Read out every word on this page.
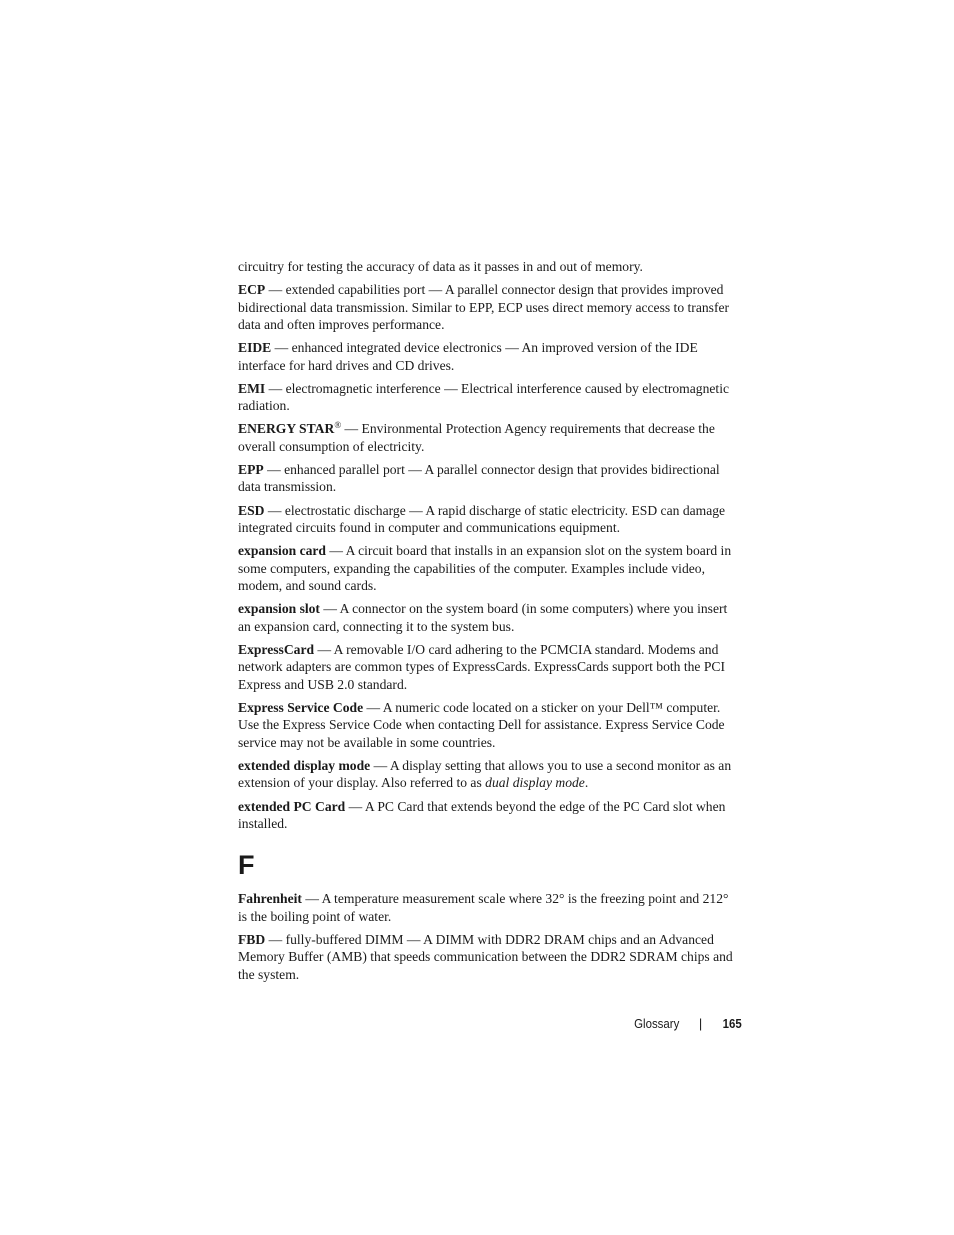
circuitry for testing the accuracy of data as it passes in and out of memory.

ECP — extended capabilities port — A parallel connector design that provides improved bidirectional data transmission. Similar to EPP, ECP uses direct memory access to transfer data and often improves performance.

EIDE — enhanced integrated device electronics — An improved version of the IDE interface for hard drives and CD drives.

EMI — electromagnetic interference — Electrical interference caused by electromagnetic radiation.

ENERGY STAR® — Environmental Protection Agency requirements that decrease the overall consumption of electricity.

EPP — enhanced parallel port — A parallel connector design that provides bidirectional data transmission.

ESD — electrostatic discharge — A rapid discharge of static electricity. ESD can damage integrated circuits found in computer and communications equipment.

expansion card — A circuit board that installs in an expansion slot on the system board in some computers, expanding the capabilities of the computer. Examples include video, modem, and sound cards.

expansion slot — A connector on the system board (in some computers) where you insert an expansion card, connecting it to the system bus.

ExpressCard — A removable I/O card adhering to the PCMCIA standard. Modems and network adapters are common types of ExpressCards. ExpressCards support both the PCI Express and USB 2.0 standard.

Express Service Code — A numeric code located on a sticker on your Dell™ computer. Use the Express Service Code when contacting Dell for assistance. Express Service Code service may not be available in some countries.

extended display mode — A display setting that allows you to use a second monitor as an extension of your display. Also referred to as dual display mode.

extended PC Card — A PC Card that extends beyond the edge of the PC Card slot when installed.

F

Fahrenheit — A temperature measurement scale where 32° is the freezing point and 212° is the boiling point of water.

FBD — fully-buffered DIMM — A DIMM with DDR2 DRAM chips and an Advanced Memory Buffer (AMB) that speeds communication between the DDR2 SDRAM chips and the system.

Glossary | 165
